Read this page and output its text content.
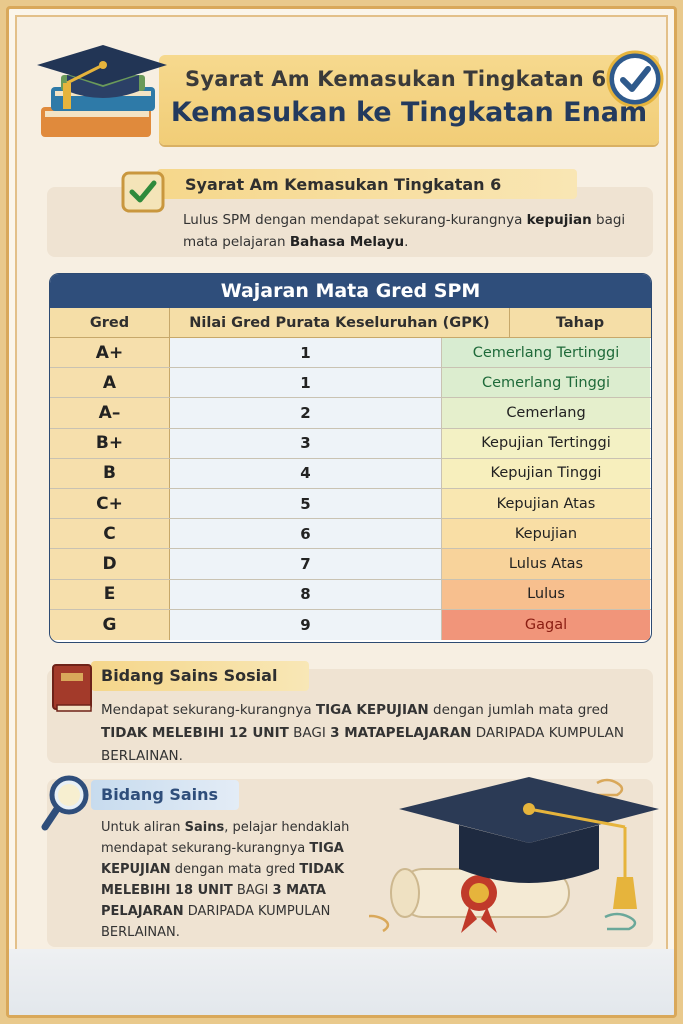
Syarat Am Kemasukan Tingkatan 6
Kemasukan ke Tingkatan Enam
Syarat Am Kemasukan Tingkatan 6
Lulus SPM dengan mendapat sekurang-kurangnya kepujian bagi mata pelajaran Bahasa Melayu.
Wajaran Mata Gred SPM
Gred	Nilai Gred Purata Keseluruhan (GPK)	Tahap
A+	1	Cemerlang Tertinggi
A	1	Cemerlang Tinggi
A–	2	Cemerlang
B+	3	Kepujian Tertinggi
B	4	Kepujian Tinggi
C+	5	Kepujian Atas
C	6	Kepujian
D	7	Lulus Atas
E	8	Lulus
G	9	Gagal
Bidang Sains Sosial
Mendapat sekurang-kurangnya TIGA KEPUJIAN dengan jumlah mata gred TIDAK MELEBIHI 12 UNIT BAGI 3 MATAPELAJARAN DARIPADA KUMPULAN BERLAINAN.
Bidang Sains
Untuk aliran Sains, pelajar hendaklah mendapat sekurang-kurangnya TIGA KEPUJIAN dengan mata gred TIDAK MELEBIHI 18 UNIT BAGI 3 MATA PELAJARAN DARIPADA KUMPULAN BERLAINAN.
